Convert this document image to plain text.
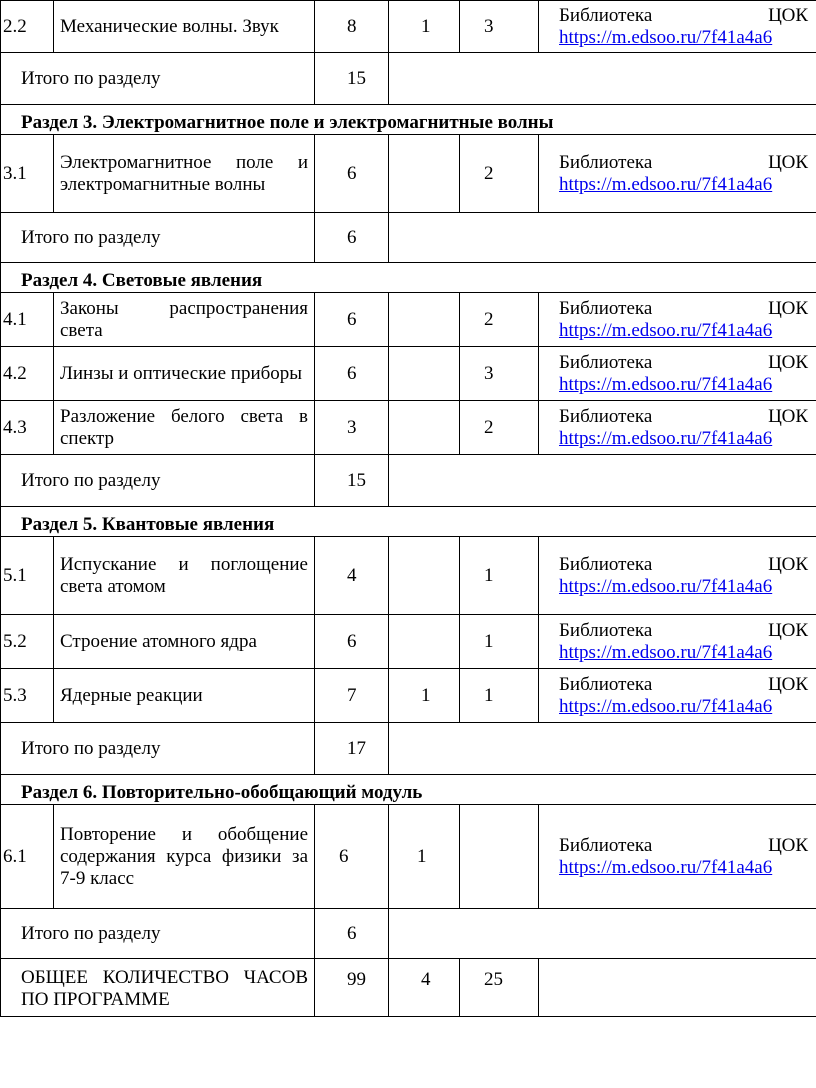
2.2	Механические волны. Звук	8	1	3	Библиотека ЦОК
https://m.edsoo.ru/7f41a4a6

Итого по разделу		15			
Раздел 3. Электромагнитное поле и электромагнитные волны					
3.1	Электромагнитное поле и электромагнитные волны	6		2	Библиотека ЦОК
https://m.edsoo.ru/7f41a4a6

Итого по разделу		6			
Раздел 4. Световые явления					
4.1	Законы распространения света	6		2	Библиотека ЦОК
https://m.edsoo.ru/7f41a4a6

4.2	Линзы и оптические приборы	6		3	Библиотека ЦОК
https://m.edsoo.ru/7f41a4a6

4.3	Разложение белого света в спектр	3		2	Библиотека ЦОК
https://m.edsoo.ru/7f41a4a6

Итого по разделу		15			
Раздел 5. Квантовые явления					
5.1	Испускание и поглощение света атомом	4		1	Библиотека ЦОК
https://m.edsoo.ru/7f41a4a6

5.2	Строение атомного ядра	6		1	Библиотека ЦОК
https://m.edsoo.ru/7f41a4a6

5.3	Ядерные реакции	7	1	1	Библиотека ЦОК
https://m.edsoo.ru/7f41a4a6

Итого по разделу		17			
Раздел 6. Повторительно-обобщающий модуль					
6.1	Повторение и обобщение содержания курса физики за 7-9 класс	6	1		Библиотека ЦОК
https://m.edsoo.ru/7f41a4a6

Итого по разделу		6			
ОБЩЕЕ КОЛИЧЕСТВО ЧАСОВ ПО ПРОГРАММЕ		99	4	25	
